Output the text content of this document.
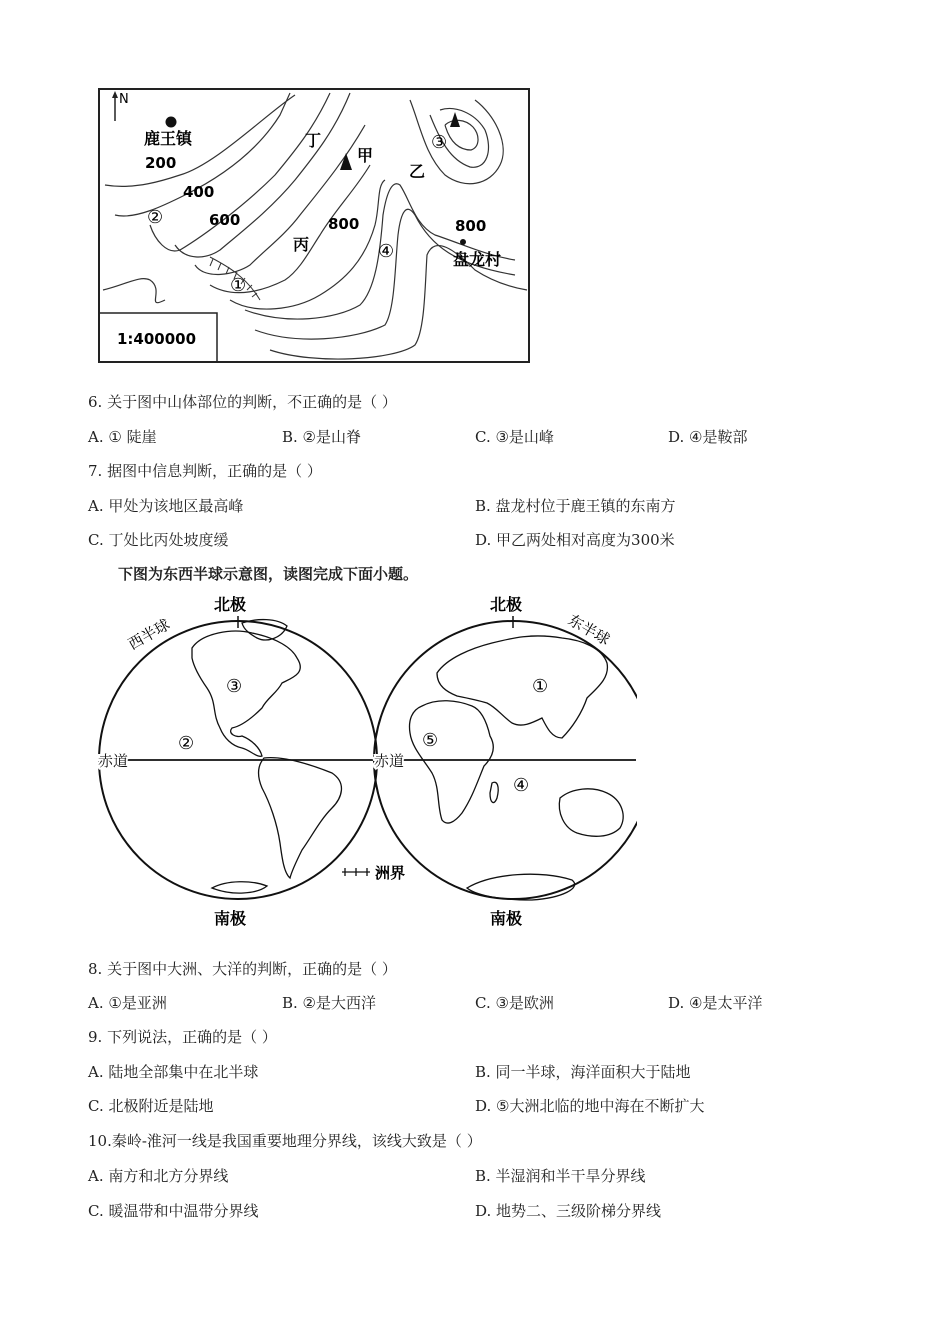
N
鹿王镇
盘龙村
200
400
600	800	800
丁
甲
乙
丙
①
②
③
④
1:400000
6. 关于图中山体部位的判断，不正确的是（ ）
A. ① 陡崖	B. ②是山脊	C. ③是山峰	D. ④是鞍部
7. 据图中信息判断，正确的是（ ）
A. 甲处为该地区最高峰	B. 盘龙村位于鹿王镇的东南方
C. 丁处比丙处坡度缓	D. 甲乙两处相对高度为300米
下图为东西半球示意图，读图完成下面小题。
北极	北极
南极	南极
西半球	东半球
赤道	赤道
③
②
①
⑤
④
洲界
8. 关于图中大洲、大洋的判断，正确的是（ ）
A. ①是亚洲	B. ②是大西洋	C. ③是欧洲	D. ④是太平洋
9. 下列说法，正确的是（ ）
A. 陆地全部集中在北半球	B. 同一半球，海洋面积大于陆地
C. 北极附近是陆地	D. ⑤大洲北临的地中海在不断扩大
10.秦岭-淮河一线是我国重要地理分界线，该线大致是（ ）
A. 南方和北方分界线	B. 半湿润和半干旱分界线
C. 暖温带和中温带分界线	D. 地势二、三级阶梯分界线
